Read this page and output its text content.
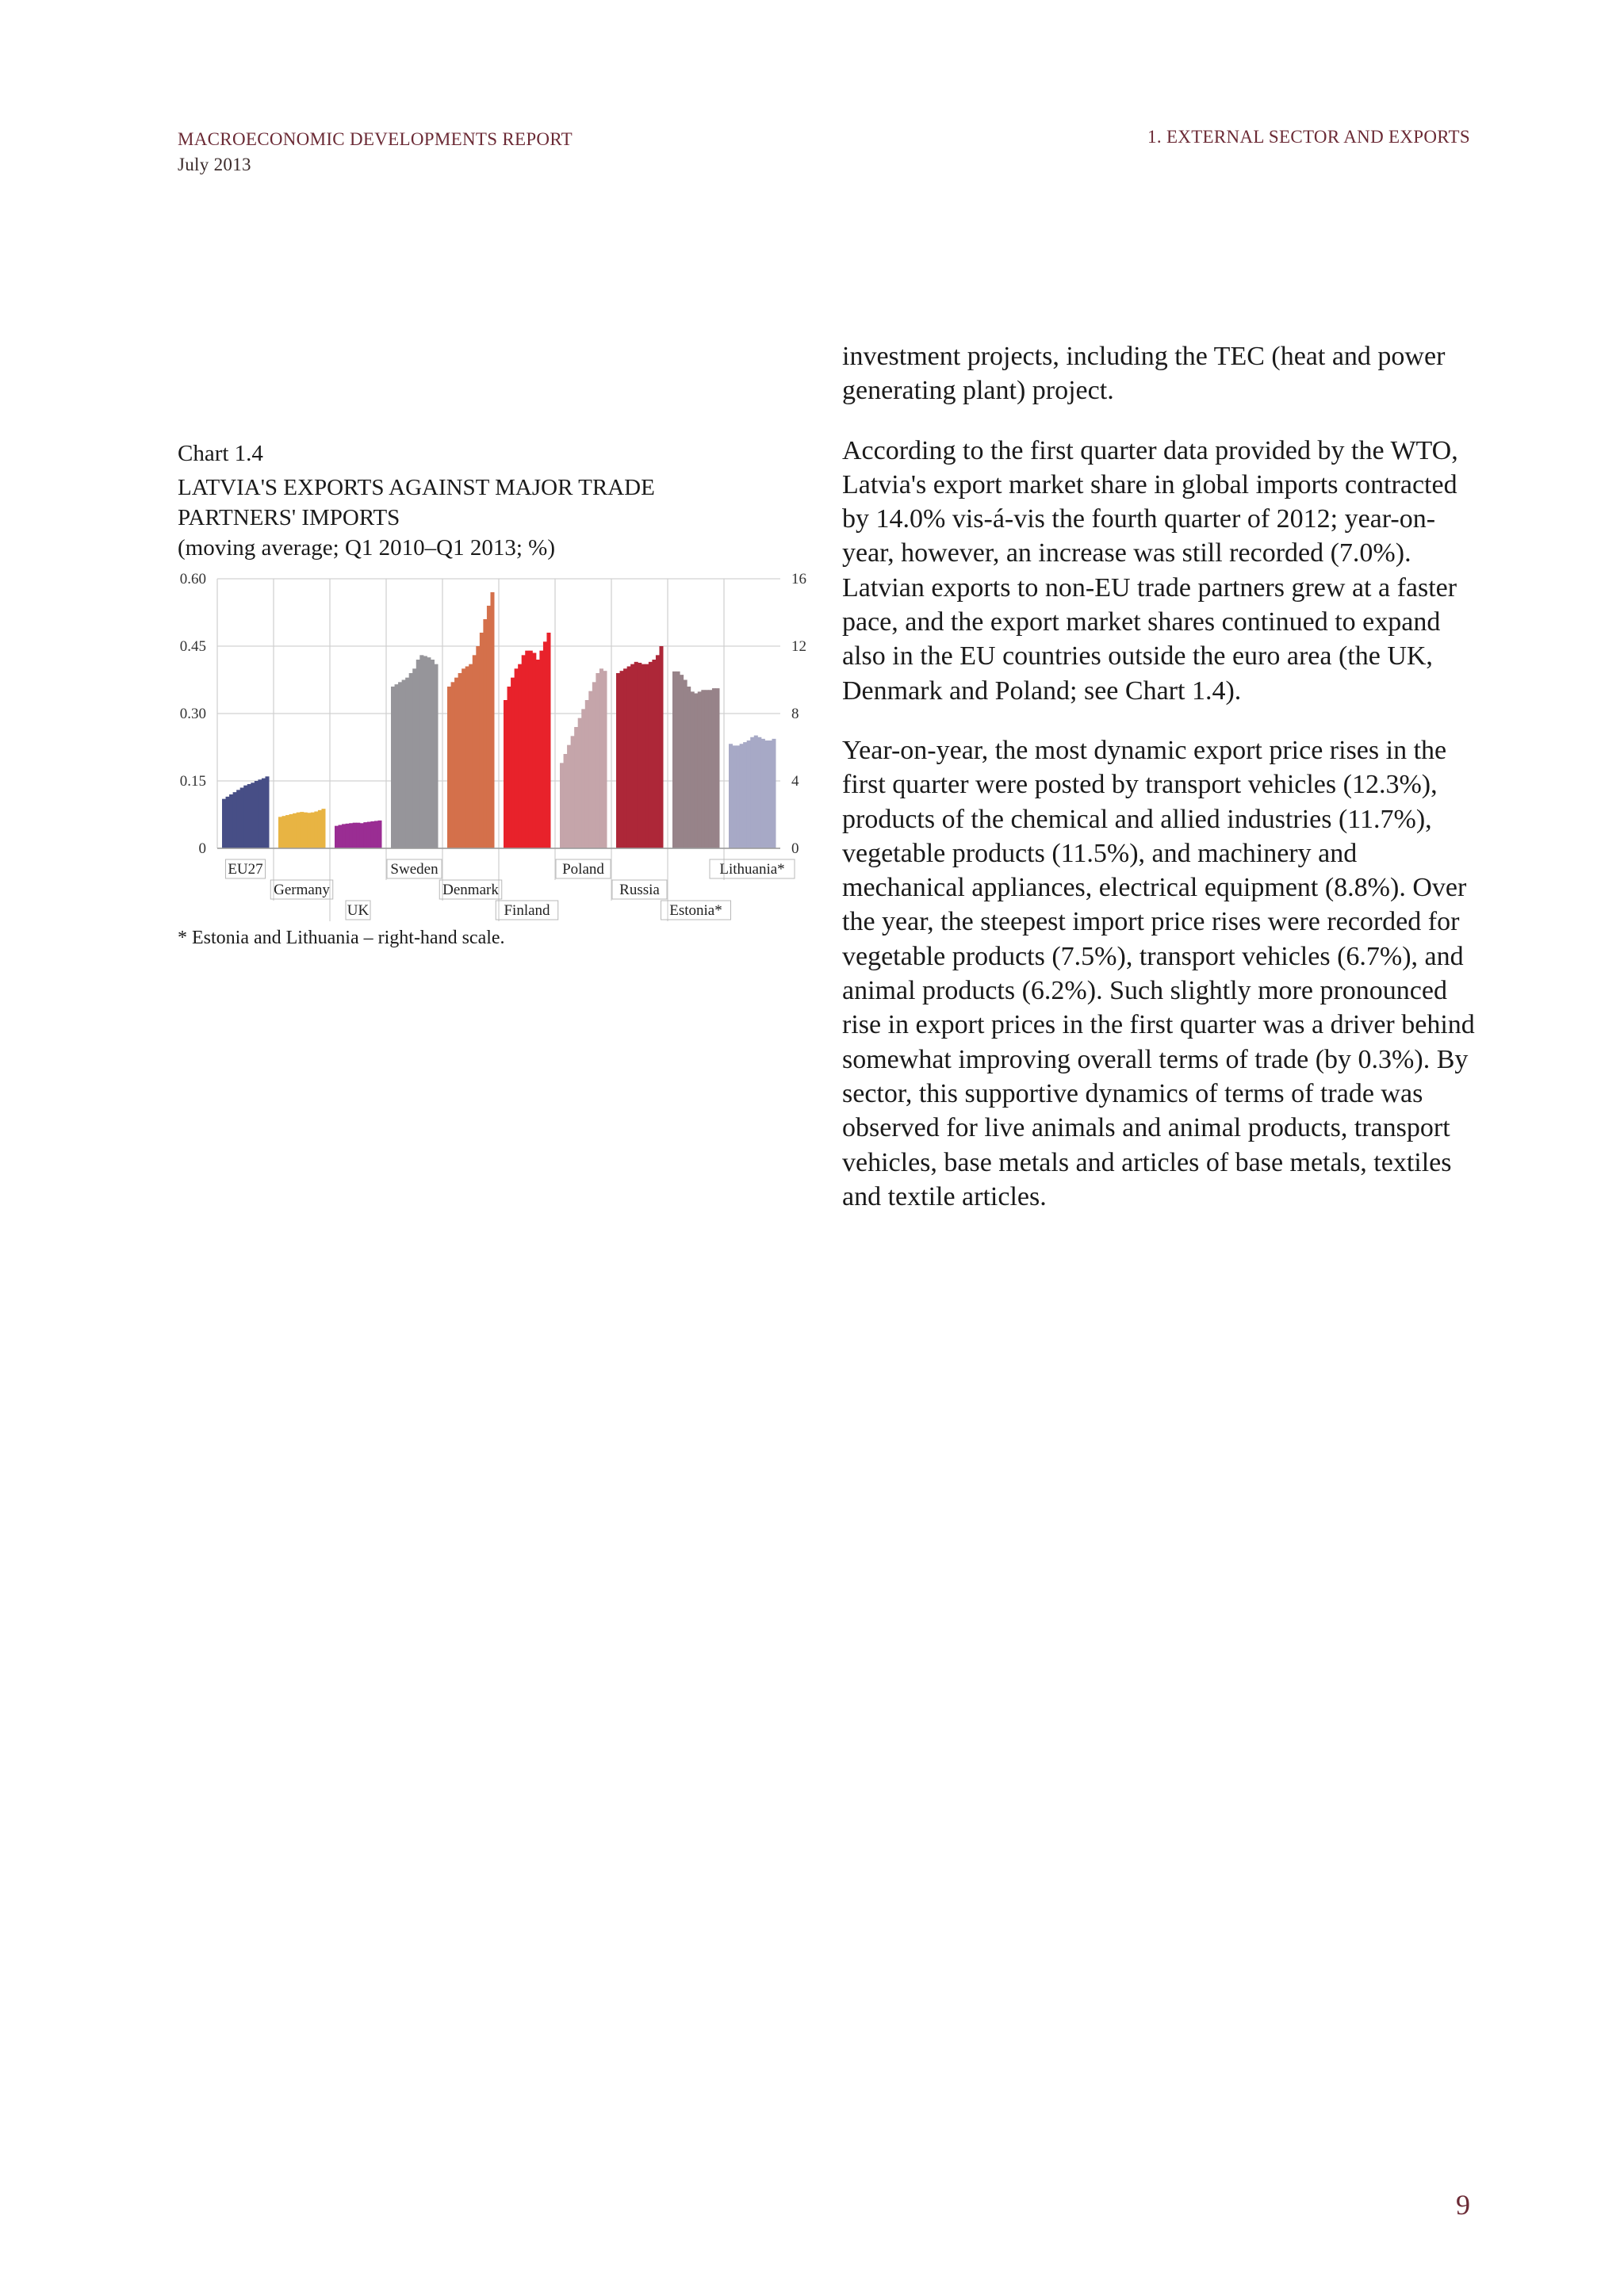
MACROECONOMIC DEVELOPMENTS REPORT
July 2013
1. EXTERNAL SECTOR AND EXPORTS
Chart 1.4
LATVIA'S EXPORTS AGAINST MAJOR TRADE
PARTNERS' IMPORTS
(moving average; Q1 2010–Q1 2013; %)
0	0
0.15	4
0.30	8
0.45	12
0.60	16
EU27
Germany
UK
Sweden
Denmark
Finland
Poland
Russia
Estonia*
Lithuania*
* Estonia and Lithuania – right-hand scale.

investment projects, including the TEC (heat and power generating plant) project.

According to the first quarter data provided by the WTO, Latvia's export market share in global imports contracted by 14.0% vis-á-vis the fourth quarter of 2012; year-on-year, however, an increase was still recorded (7.0%). Latvian exports to non-EU trade partners grew at a faster pace, and the export market shares continued to expand also in the EU countries outside the euro area (the UK, Denmark and Poland; see Chart 1.4).

Year-on-year, the most dynamic export price rises in the first quarter were posted by transport vehicles (12.3%), products of the chemical and allied industries (11.7%), vegetable products (11.5%), and machinery and mechanical appliances, electrical equipment (8.8%). Over the year, the steepest import price rises were recorded for vegetable products (7.5%), transport vehicles (6.7%), and animal products (6.2%). Such slightly more pronounced rise in export prices in the first quarter was a driver behind somewhat improving overall terms of trade (by 0.3%). By sector, this supportive dynamics of terms of trade was observed for live animals and animal products, transport vehicles, base metals and articles of base metals, textiles and textile articles.

9
